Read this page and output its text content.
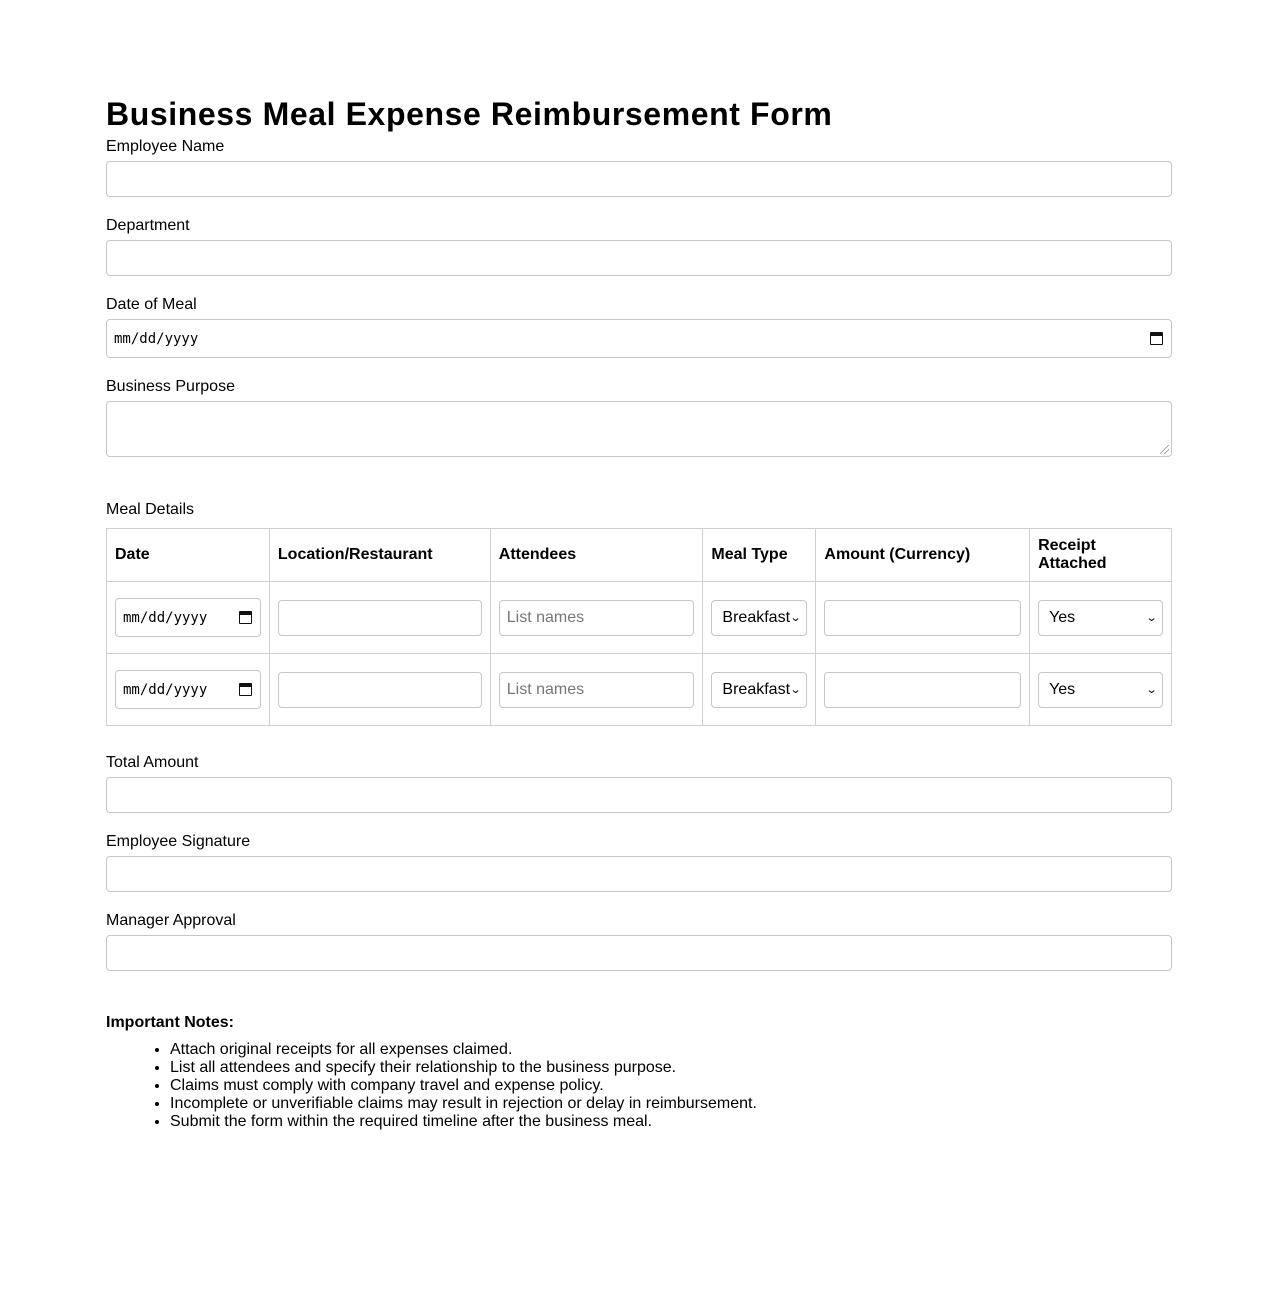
Business Meal Expense Reimbursement Form
Employee Name
Department
Date of Meal
mm/dd/yyyy
Business Purpose
Meal Details
Date	Location/Restaurant	Attendees	Meal Type	Amount (Currency)	Receipt Attached

mm/dd/yyyy		List names	Breakfast ⌄		Yes ⌄

mm/dd/yyyy		List names	Breakfast ⌄		Yes ⌄
Total Amount
Employee Signature
Manager Approval
Important Notes:
• Attach original receipts for all expenses claimed.
• List all attendees and specify their relationship to the business purpose.
• Claims must comply with company travel and expense policy.
• Incomplete or unverifiable claims may result in rejection or delay in reimbursement.
• Submit the form within the required timeline after the business meal.
